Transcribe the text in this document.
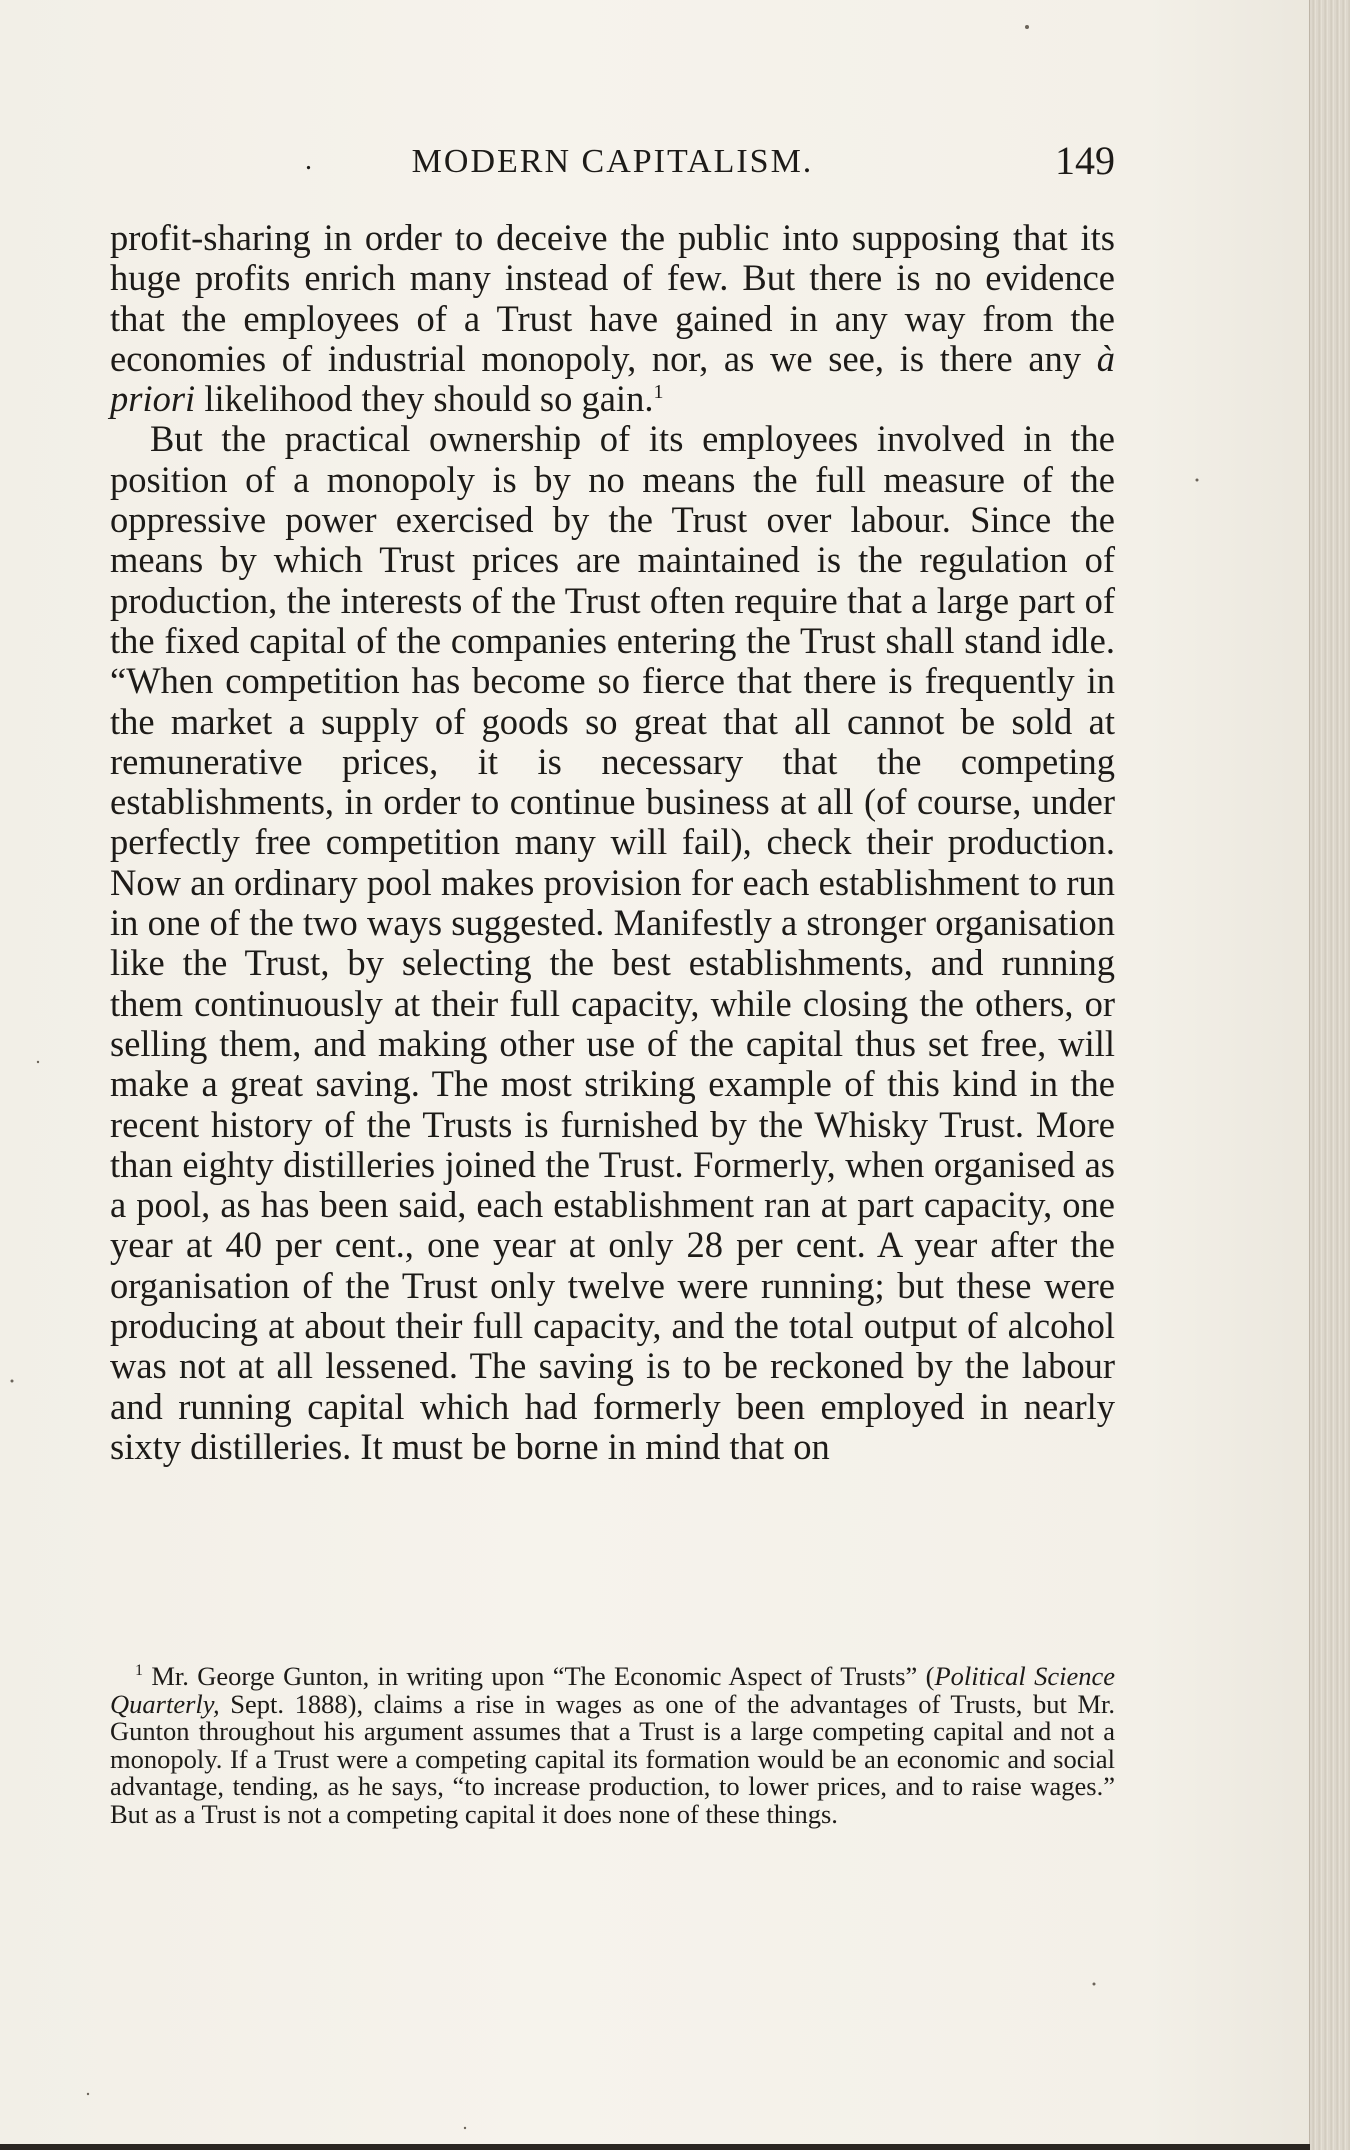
.	MODERN CAPITALISM.	149

profit-sharing in order to deceive the public into supposing that its huge profits enrich many instead of few. But there is no evidence that the employees of a Trust have gained in any way from the economies of industrial monopoly, nor, as we see, is there any à priori likelihood they should so gain.$^1$

But the practical ownership of its employees involved in the position of a monopoly is by no means the full measure of the oppressive power exercised by the Trust over labour. Since the means by which Trust prices are maintained is the regulation of production, the interests of the Trust often require that a large part of the fixed capital of the companies entering the Trust shall stand idle. “When competition has become so fierce that there is frequently in the market a supply of goods so great that all cannot be sold at remunerative prices, it is necessary that the competing establishments, in order to continue business at all (of course, under perfectly free competition many will fail), check their production. Now an ordinary pool makes provision for each establishment to run in one of the two ways suggested. Manifestly a stronger organisation like the Trust, by selecting the best establishments, and running them continuously at their full capacity, while closing the others, or selling them, and making other use of the capital thus set free, will make a great saving. The most striking example of this kind in the recent history of the Trusts is furnished by the Whisky Trust. More than eighty distilleries joined the Trust. Formerly, when organised as a pool, as has been said, each establishment ran at part capacity, one year at 40 per cent., one year at only 28 per cent. A year after the organisation of the Trust only twelve were running; but these were producing at about their full capacity, and the total output of alcohol was not at all lessened. The saving is to be reckoned by the labour and running capital which had formerly been employed in nearly sixty distilleries. It must be borne in mind that on

$^1$ Mr. George Gunton, in writing upon “The Economic Aspect of Trusts” (Political Science Quarterly, Sept. 1888), claims a rise in wages as one of the advantages of Trusts, but Mr. Gunton throughout his argument assumes that a Trust is a large competing capital and not a monopoly. If a Trust were a competing capital its formation would be an economic and social advantage, tending, as he says, “to increase production, to lower prices, and to raise wages.” But as a Trust is not a competing capital it does none of these things.
